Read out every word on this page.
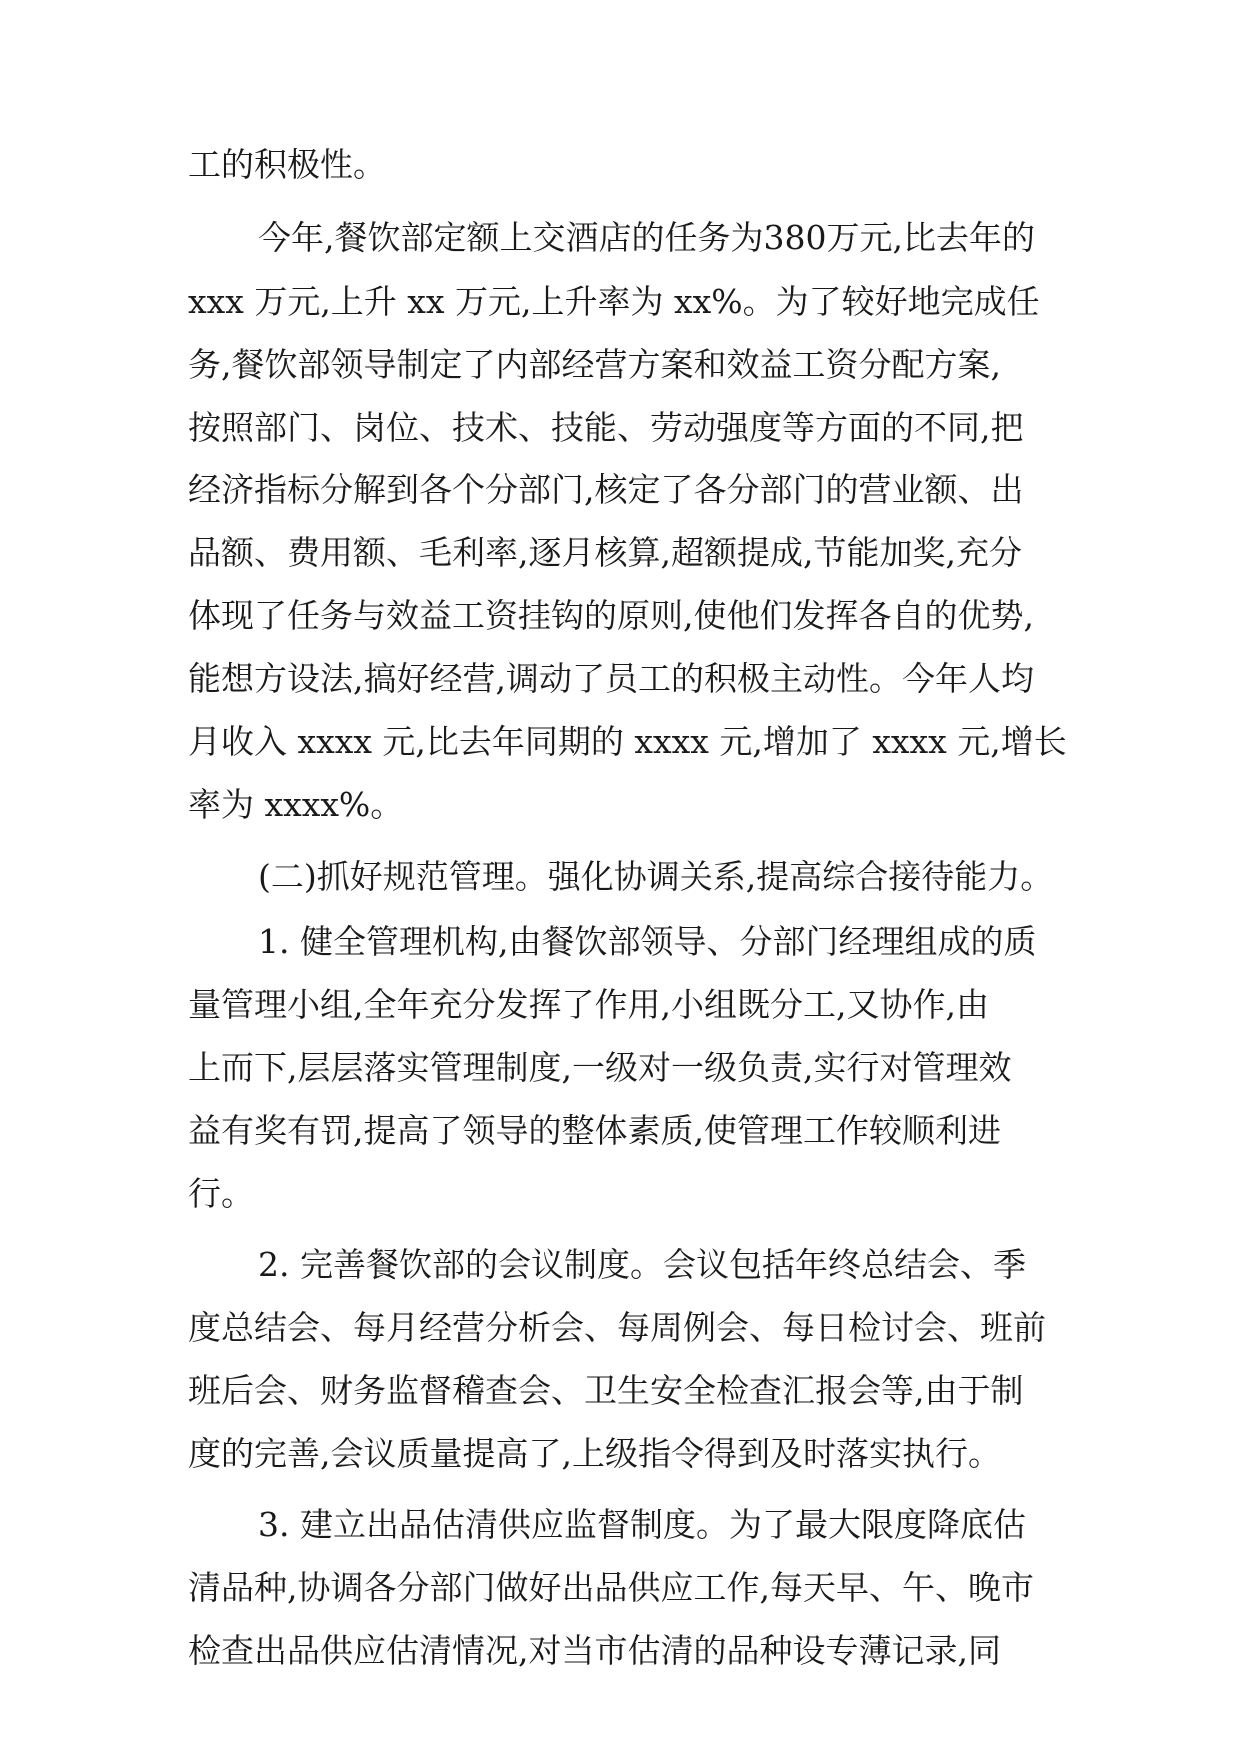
工的积极性。
今年,餐饮部定额上交酒店的任务为380万元,比去年的
xxx 万元,上升 xx 万元,上升率为 xx%。为了较好地完成任
务,餐饮部领导制定了内部经营方案和效益工资分配方案,
按照部门、岗位、技术、技能、劳动强度等方面的不同,把
经济指标分解到各个分部门,核定了各分部门的营业额、出
品额、费用额、毛利率,逐月核算,超额提成,节能加奖,充分
体现了任务与效益工资挂钩的原则,使他们发挥各自的优势,
能想方设法,搞好经营,调动了员工的积极主动性。今年人均
月收入 xxxx 元,比去年同期的 xxxx 元,增加了 xxxx 元,增长
率为 xxxx%。
(二)抓好规范管理。强化协调关系,提高综合接待能力。
1. 健全管理机构,由餐饮部领导、分部门经理组成的质
量管理小组,全年充分发挥了作用,小组既分工,又协作,由
上而下,层层落实管理制度,一级对一级负责,实行对管理效
益有奖有罚,提高了领导的整体素质,使管理工作较顺利进
行。
2. 完善餐饮部的会议制度。会议包括年终总结会、季
度总结会、每月经营分析会、每周例会、每日检讨会、班前
班后会、财务监督稽查会、卫生安全检查汇报会等,由于制
度的完善,会议质量提高了,上级指令得到及时落实执行。
3. 建立出品估清供应监督制度。为了最大限度降底估
清品种,协调各分部门做好出品供应工作,每天早、午、晚市
检查出品供应估清情况,对当市估清的品种设专薄记录,同
